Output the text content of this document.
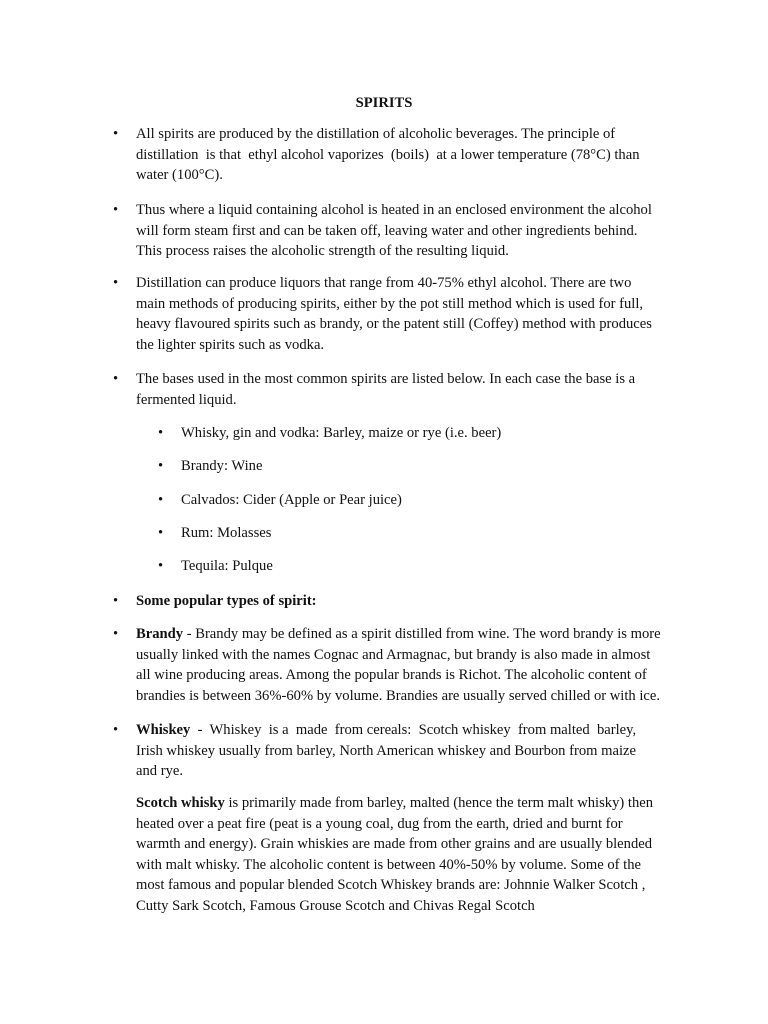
SPIRITS
•	All spirits are produced by the distillation of alcoholic beverages. The principle of
distillation  is that  ethyl alcohol vaporizes  (boils)  at a lower temperature (78°C) than
water (100°C).
•	Thus where a liquid containing alcohol is heated in an enclosed environment the alcohol
will form steam first and can be taken off, leaving water and other ingredients behind.
This process raises the alcoholic strength of the resulting liquid.
•	Distillation can produce liquors that range from 40-75% ethyl alcohol. There are two
main methods of producing spirits, either by the pot still method which is used for full,
heavy flavoured spirits such as brandy, or the patent still (Coffey) method with produces
the lighter spirits such as vodka.
•	The bases used in the most common spirits are listed below. In each case the base is a
fermented liquid.
•	Whisky, gin and vodka: Barley, maize or rye (i.e. beer)
•	Brandy: Wine
•	Calvados: Cider (Apple or Pear juice)
•	Rum: Molasses
•	Tequila: Pulque
•	Some popular types of spirit:
•	Brandy - Brandy may be defined as a spirit distilled from wine. The word brandy is more
usually linked with the names Cognac and Armagnac, but brandy is also made in almost
all wine producing areas. Among the popular brands is Richot. The alcoholic content of
brandies is between 36%-60% by volume. Brandies are usually served chilled or with ice.
•	Whiskey  -  Whiskey  is a  made  from cereals:  Scotch whiskey  from malted  barley,
Irish whiskey usually from barley, North American whiskey and Bourbon from maize
and rye.
Scotch whisky is primarily made from barley, malted (hence the term malt whisky) then
heated over a peat fire (peat is a young coal, dug from the earth, dried and burnt for
warmth and energy). Grain whiskies are made from other grains and are usually blended
with malt whisky. The alcoholic content is between 40%-50% by volume. Some of the
most famous and popular blended Scotch Whiskey brands are: Johnnie Walker Scotch ,
Cutty Sark Scotch, Famous Grouse Scotch and Chivas Regal Scotch
